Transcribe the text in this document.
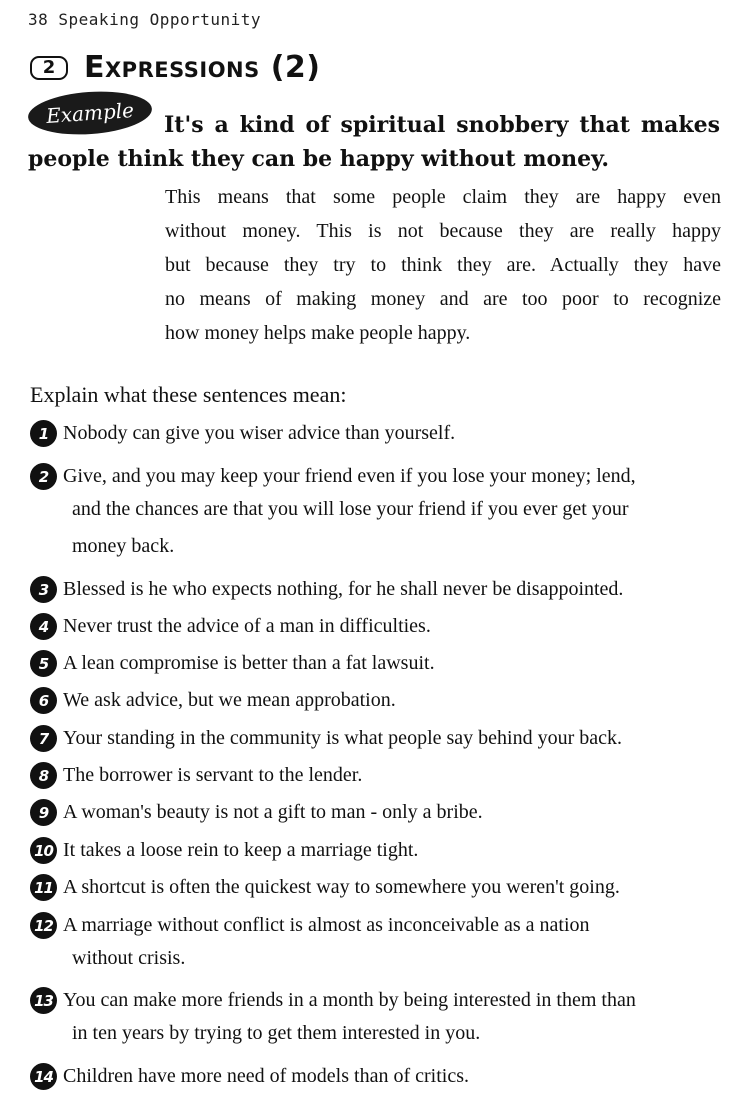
38 Speaking Opportunity
2 Expressions (2)
Example It's a kind of spiritual snobbery that makes
people think they can be happy without money.
This means that some people claim they are happy even
without money. This is not because they are really happy
but because they try to think they are. Actually they have
no means of making money and are too poor to recognize
how money helps make people happy.
Explain what these sentences mean:
1 Nobody can give you wiser advice than yourself.
2 Give, and you may keep your friend even if you lose your money; lend,
and the chances are that you will lose your friend if you ever get your
money back.
3 Blessed is he who expects nothing, for he shall never be disappointed.
4 Never trust the advice of a man in difficulties.
5 A lean compromise is better than a fat lawsuit.
6 We ask advice, but we mean approbation.
7 Your standing in the community is what people say behind your back.
8 The borrower is servant to the lender.
9 A woman's beauty is not a gift to man - only a bribe.
10 It takes a loose rein to keep a marriage tight.
11 A shortcut is often the quickest way to somewhere you weren't going.
12 A marriage without conflict is almost as inconceivable as a nation
without crisis.
13 You can make more friends in a month by being interested in them than
in ten years by trying to get them interested in you.
14 Children have more need of models than of critics.
